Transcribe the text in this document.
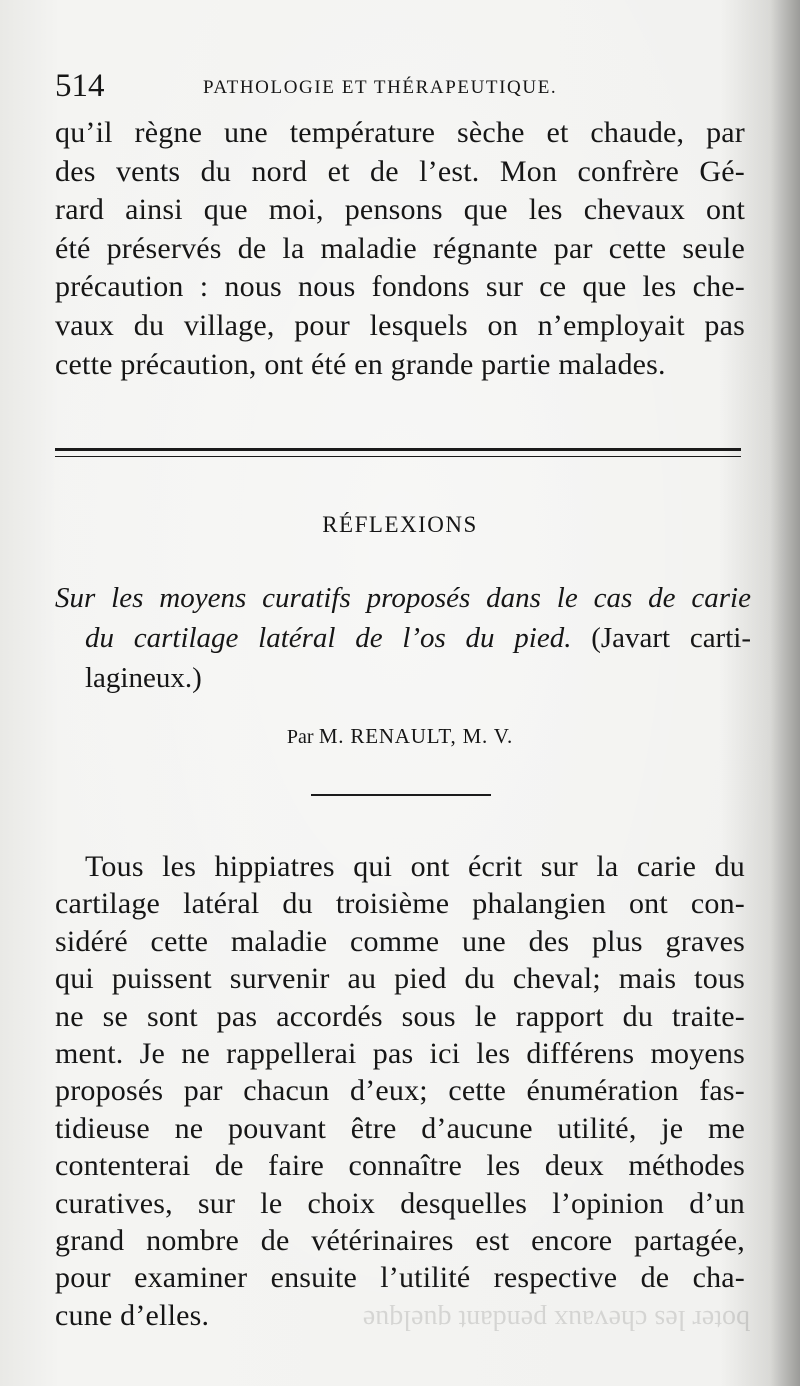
514	PATHOLOGIE ET THÉRAPEUTIQUE.
qu’il règne une température sèche et chaude, par
des vents du nord et de l’est. Mon confrère Gé-
rard ainsi que moi, pensons que les chevaux ont
été préservés de la maladie régnante par cette seule
précaution : nous nous fondons sur ce que les che-
vaux du village, pour lesquels on n’employait pas
cette précaution, ont été en grande partie malades.
RÉFLEXIONS
Sur les moyens curatifs proposés dans le cas de carie
du cartilage latéral de l’os du pied. (Javart carti-
lagineux.)
Par M. RENAULT, M. V.
Tous les hippiatres qui ont écrit sur la carie du
cartilage latéral du troisième phalangien ont con-
sidéré cette maladie comme une des plus graves
qui puissent survenir au pied du cheval; mais tous
ne se sont pas accordés sous le rapport du traite-
ment. Je ne rappellerai pas ici les différens moyens
proposés par chacun d’eux; cette énumération fas-
tidieuse ne pouvant être d’aucune utilité, je me
contenterai de faire connaître les deux méthodes
curatives, sur le choix desquelles l’opinion d’un
grand nombre de vétérinaires est encore partagée,
pour examiner ensuite l’utilité respective de cha-
cune d’elles.	boter les chevaux pendant quelque
